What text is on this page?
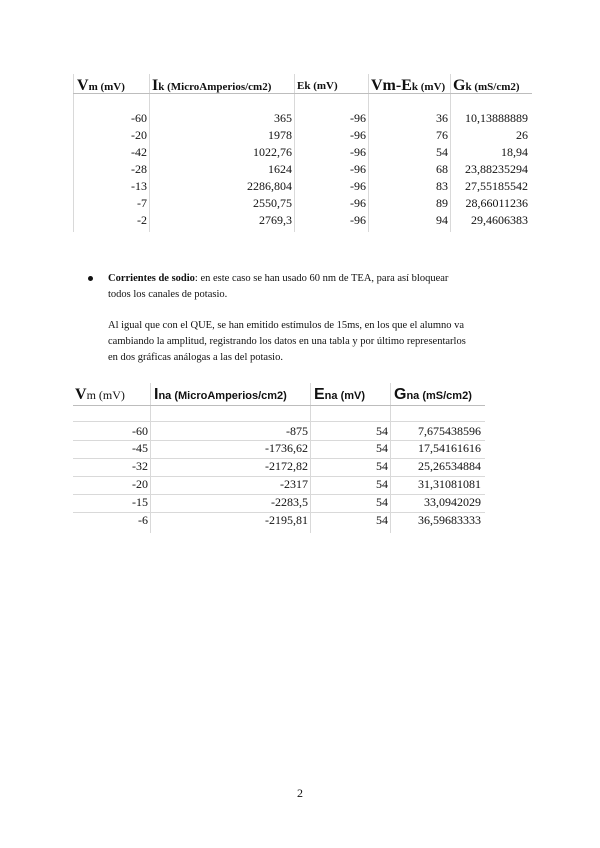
Vm (mV) Ik (MicroAmperios/cm2) Ek (mV) Vm-Ek (mV) Gk (mS/cm2)
-60	365	-96	36	10,13888889
-20	1978	-96	76	26
-42	1022,76	-96	54	18,94
-28	1624	-96	68	23,88235294
-13	2286,804	-96	83	27,55185542
-7	2550,75	-96	89	28,66011236
-2	2769,3	-96	94	29,4606383
Corrientes de sodio: en este caso se han usado 60 nm de TEA, para así bloquear
todos los canales de potasio.
Al igual que con el QUE, se han emitido estímulos de 15ms, en los que el alumno va
cambiando la amplitud, registrando los datos en una tabla y por último representarlos
en dos gráficas análogas a las del potasio.
Vm (mV) Ina (MicroAmperios/cm2) Ena (mV) Gna (mS/cm2)
-60	-875	54	7,675438596
-45	-1736,62	54	17,54161616
-32	-2172,82	54	25,26534884
-20	-2317	54	31,31081081
-15	-2283,5	54	33,0942029
-6	-2195,81	54	36,59683333
2
